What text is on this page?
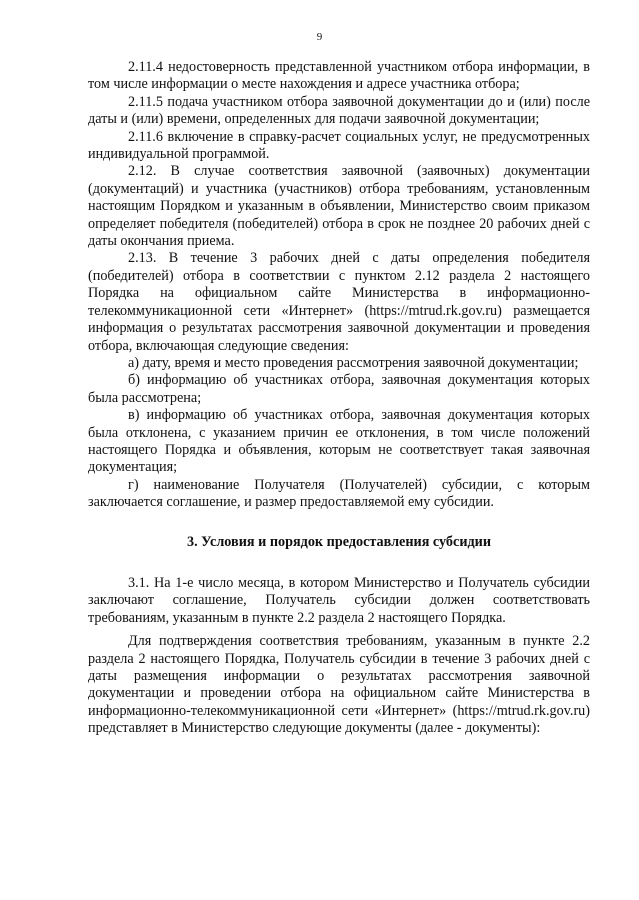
9

2.11.4 недостоверность представленной участником отбора информации, в том числе информации о месте нахождения и адресе участника отбора;

2.11.5 подача участником отбора заявочной документации до и (или) после даты и (или) времени, определенных для подачи заявочной документации;

2.11.6 включение в справку-расчет социальных услуг, не предусмотренных индивидуальной программой.

2.12. В случае соответствия заявочной (заявочных) документации (документаций) и участника (участников) отбора требованиям, установленным настоящим Порядком и указанным в объявлении, Министерство своим приказом определяет победителя (победителей) отбора в срок не позднее 20 рабочих дней с даты окончания приема.

2.13. В течение 3 рабочих дней с даты определения победителя (победителей) отбора в соответствии с пунктом 2.12 раздела 2 настоящего Порядка на официальном сайте Министерства в информационно-телекоммуникационной сети «Интернет» (https://mtrud.rk.gov.ru) размещается информация о результатах рассмотрения заявочной документации и проведения отбора, включающая следующие сведения:

а) дату, время и место проведения рассмотрения заявочной документации;

б) информацию об участниках отбора, заявочная документация которых была рассмотрена;

в) информацию об участниках отбора, заявочная документация которых была отклонена, с указанием причин ее отклонения, в том числе положений настоящего Порядка и объявления, которым не соответствует такая заявочная документация;

г) наименование Получателя (Получателей) субсидии, с которым заключается соглашение, и размер предоставляемой ему субсидии.

3. Условия и порядок предоставления субсидии

3.1. На 1-е число месяца, в котором Министерство и Получатель субсидии заключают соглашение, Получатель субсидии должен соответствовать требованиям, указанным в пункте 2.2 раздела 2 настоящего Порядка.

Для подтверждения соответствия требованиям, указанным в пункте 2.2 раздела 2 настоящего Порядка, Получатель субсидии в течение 3 рабочих дней с даты размещения информации о результатах рассмотрения заявочной документации и проведении отбора на официальном сайте Министерства в информационно-телекоммуникационной сети «Интернет» (https://mtrud.rk.gov.ru) представляет в Министерство следующие документы (далее - документы):
